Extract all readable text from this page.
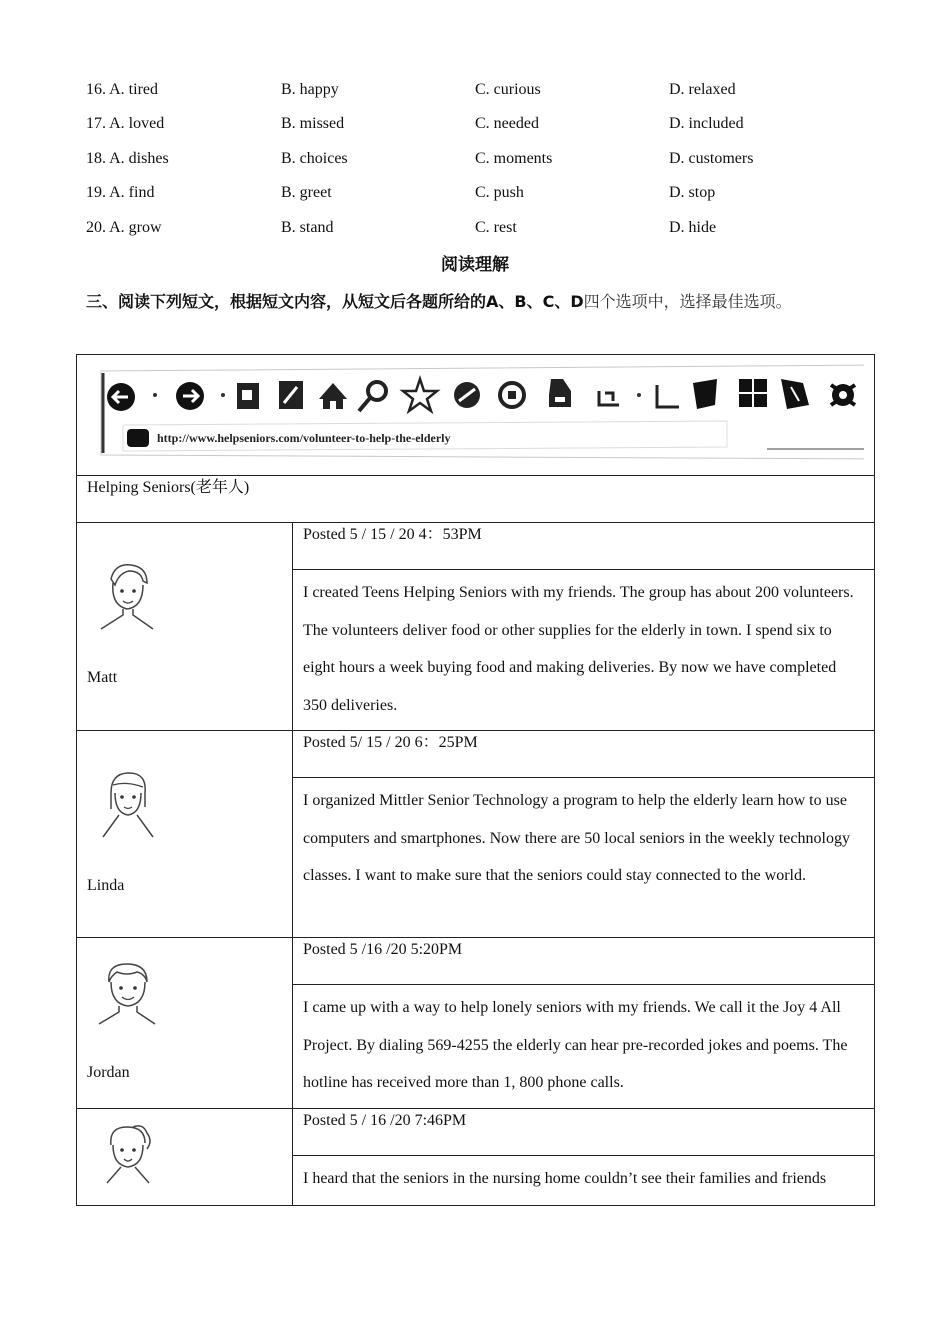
16. A. tired	B. happy	C. curious	D. relaxed
17. A. loved	B. missed	C. needed	D. included
18. A. dishes	B. choices	C. moments	D. customers
19. A. find	B. greet	C. push	D. stop
20. A. grow	B. stand	C. rest	D. hide
阅读理解
三、阅读下列短文，根据短文内容，从短文后各题所给的A、B、C、D四个选项中，选择最佳选项。
http://www.helpseniors.com/volunteer-to-help-the-elderly	

Helping Seniors(老年人)	

Matt	Posted 5 / 15 / 20 4：53PM
	I created Teens Helping Seniors with my friends. The group has about 200 volunteers. The volunteers deliver food or other supplies for the elderly in town. I spend six to eight hours a week buying food and making deliveries. By now we have completed 350 deliveries.

Linda	Posted 5/ 15 / 20 6：25PM
	I organized Mittler Senior Technology a program to help the elderly learn how to use computers and smartphones. Now there are 50 local seniors in the weekly technology classes. I want to make sure that the seniors could stay connected to the world.

Jordan	Posted 5 /16 /20 5:20PM
	I came up with a way to help lonely seniors with my friends. We call it the Joy 4 All Project. By dialing 569-4255 the elderly can hear pre-recorded jokes and poems. The hotline has received more than 1, 800 phone calls.

	Posted 5 / 16 /20 7:46PM
	I heard that the seniors in the nursing home couldn’t see their families and friends
